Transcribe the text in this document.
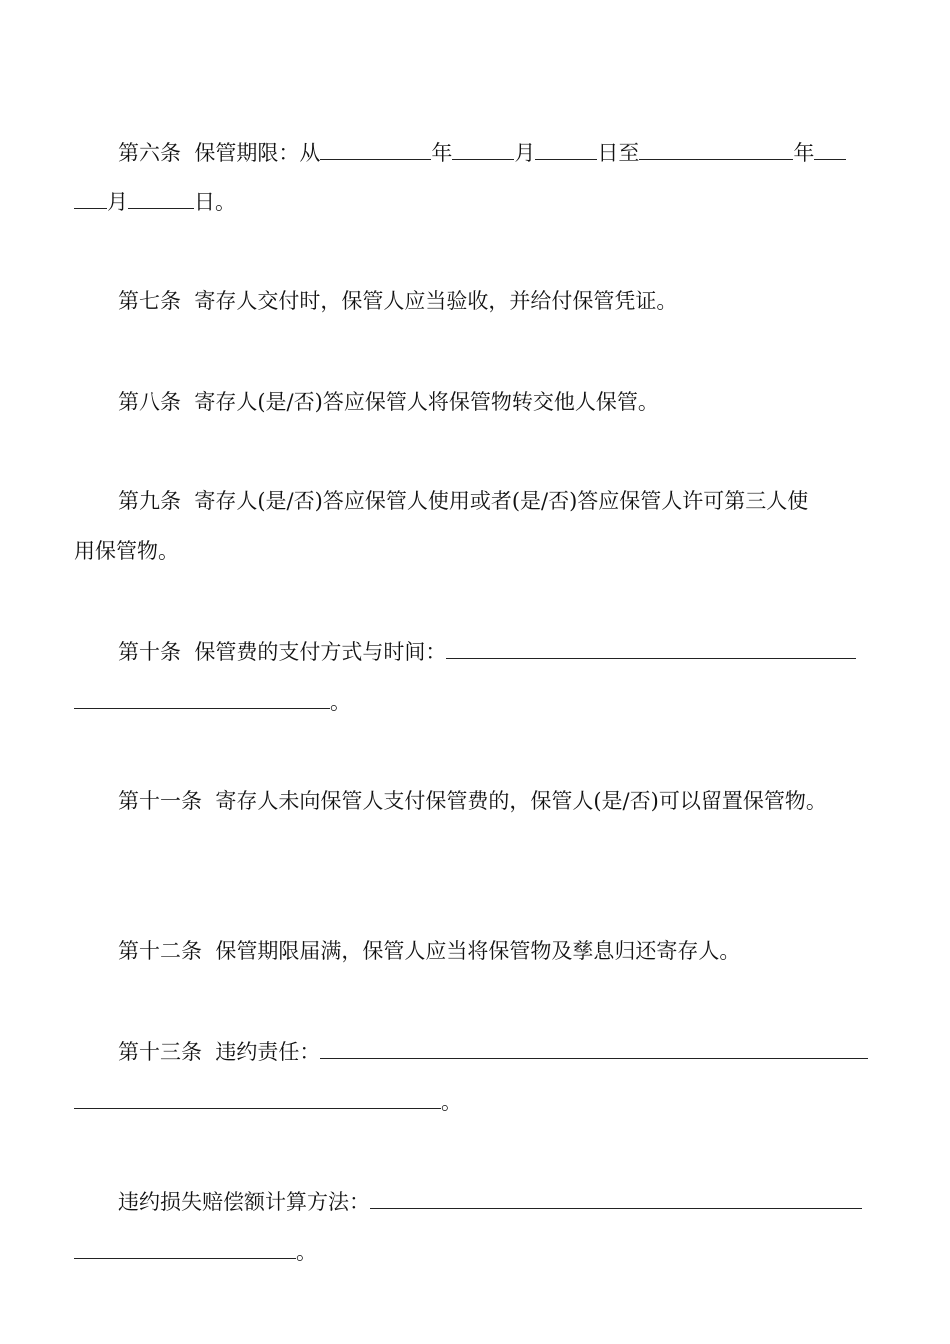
第六条 保管期限：从	年	月	日至	年
月	日。
第七条 寄存人交付时，保管人应当验收，并给付保管凭证。
第八条 寄存人(是/否)答应保管人将保管物转交他人保管。
第九条 寄存人(是/否)答应保管人使用或者(是/否)答应保管人许可第三人使
用保管物。
第十条 保管费的支付方式与时间：
。
第十一条 寄存人未向保管人支付保管费的，保管人(是/否)可以留置保管物。
第十二条 保管期限届满，保管人应当将保管物及孳息归还寄存人。
第十三条 违约责任：
。
违约损失赔偿额计算方法：
。
